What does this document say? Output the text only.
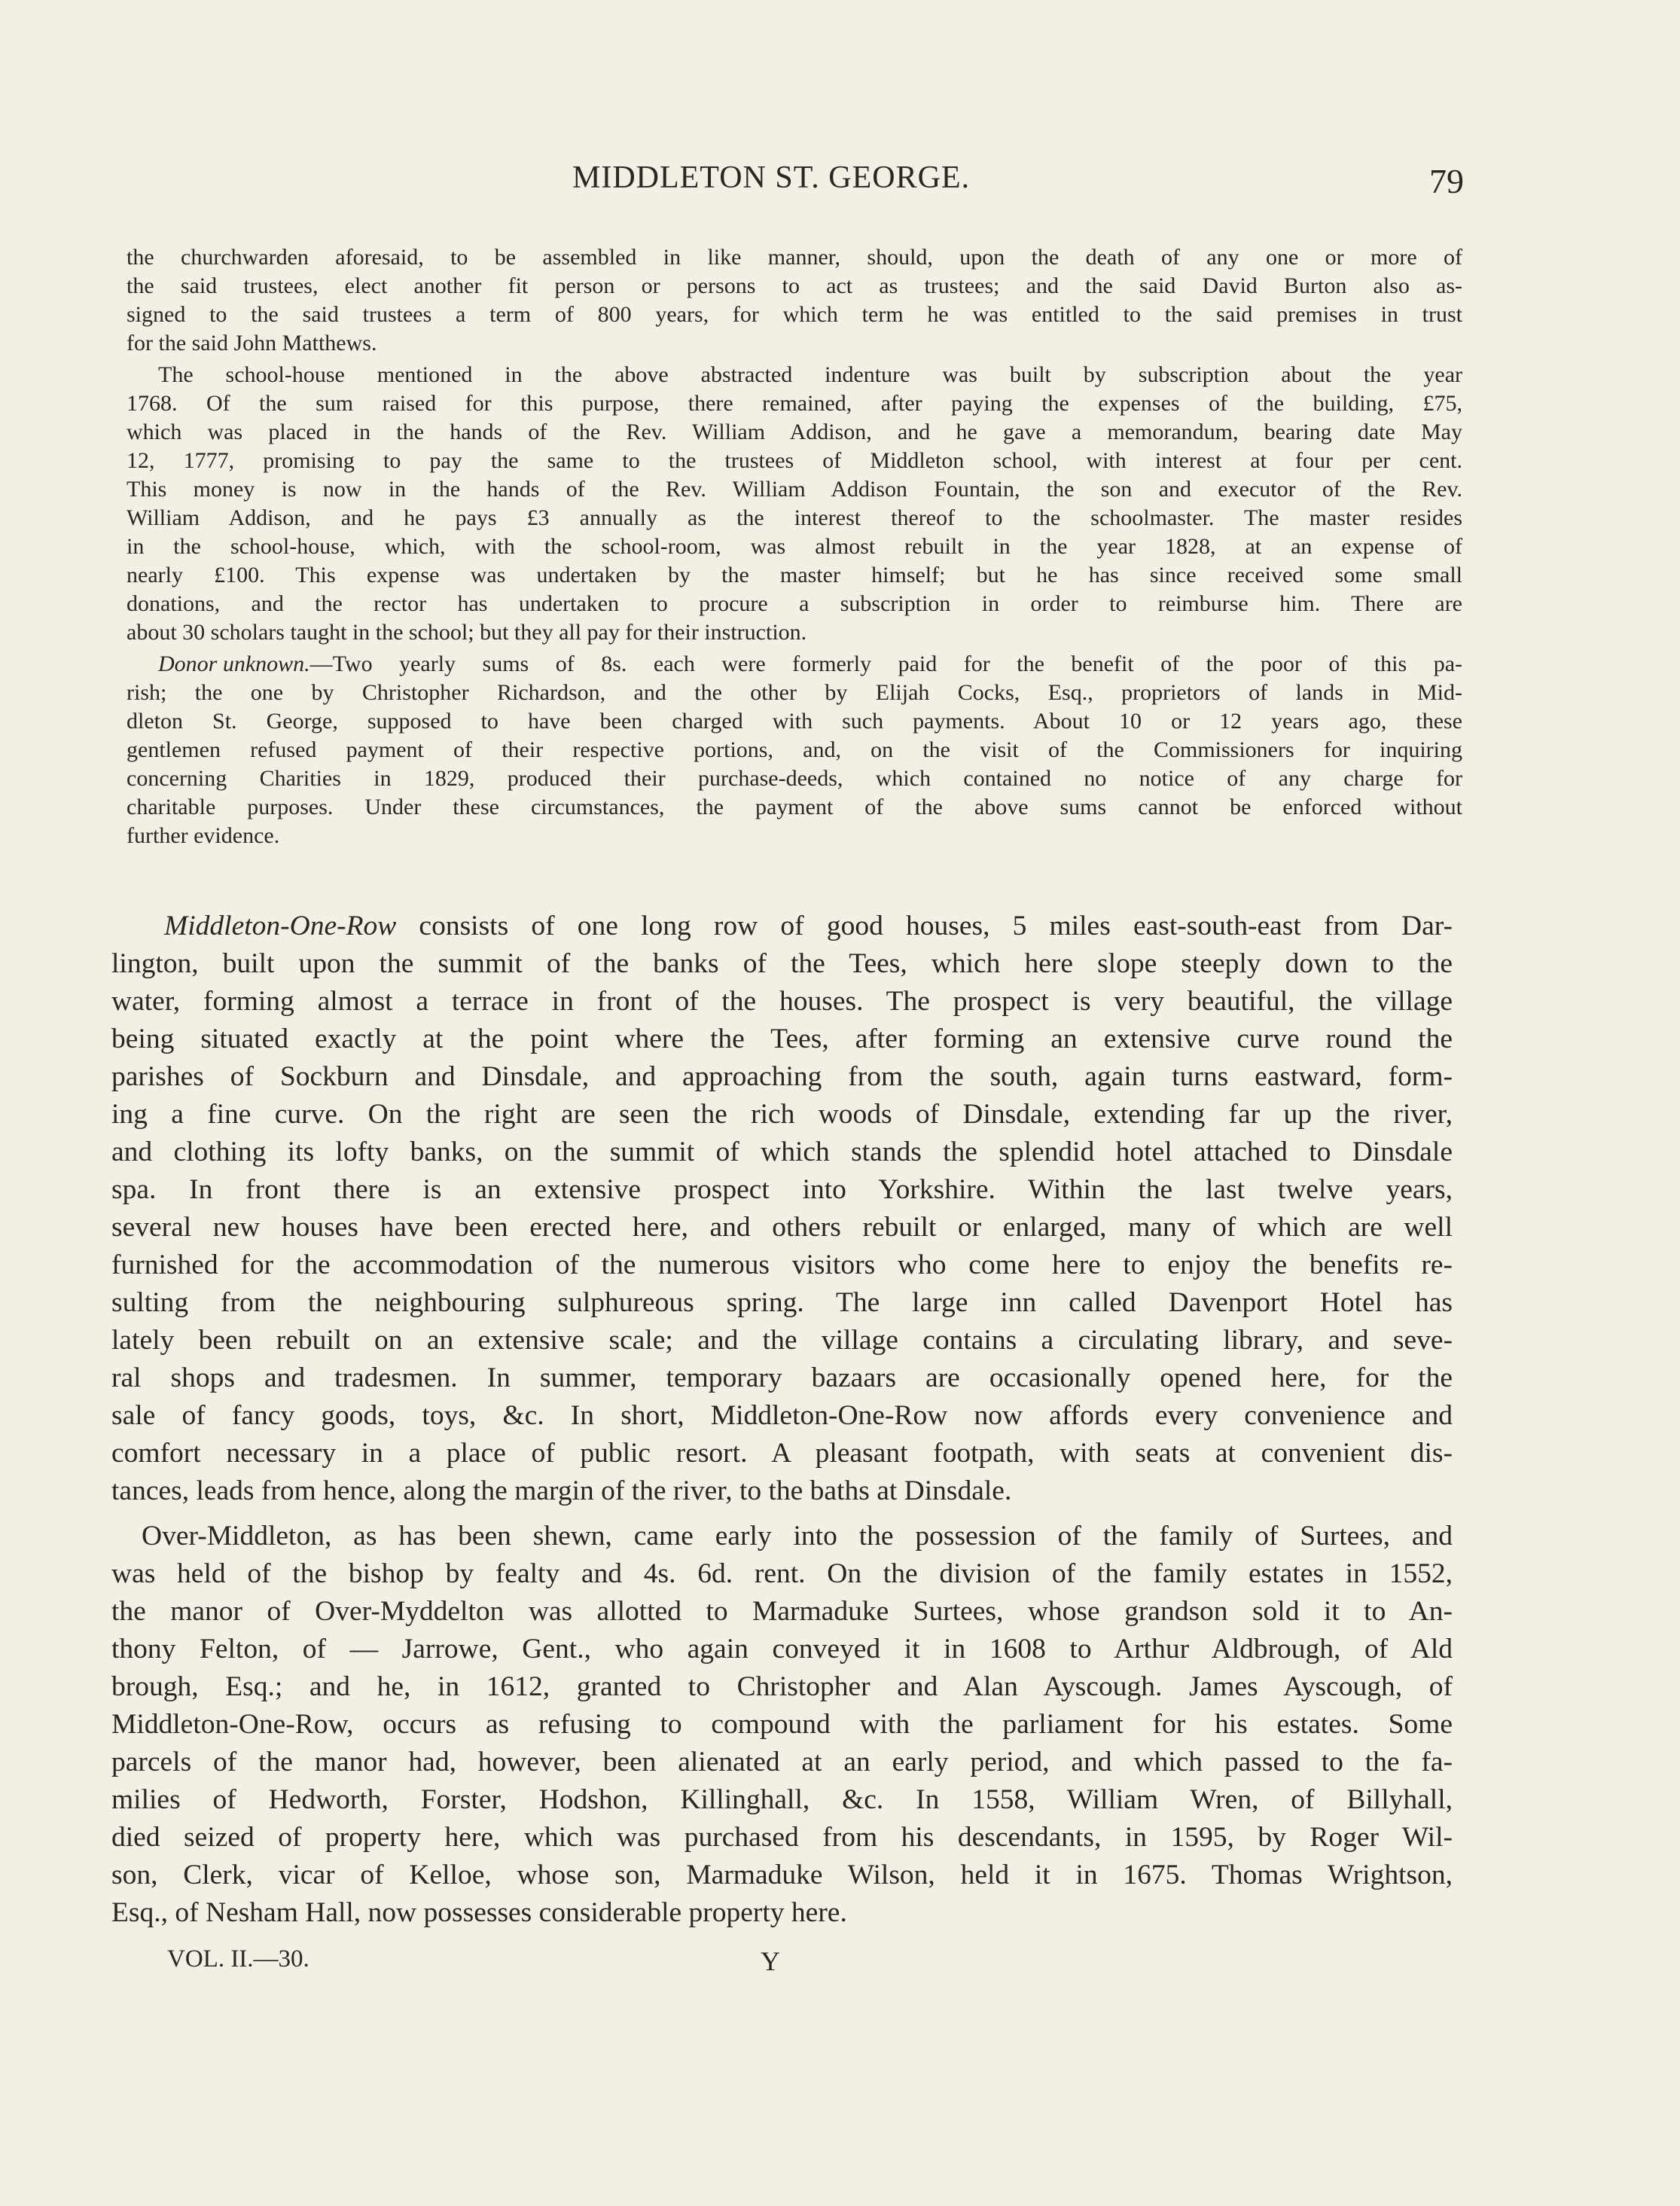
MIDDLETON ST. GEORGE.	79

the churchwarden aforesaid, to be assembled in like manner, should, upon the death of any one or more of

the said trustees, elect another fit person or persons to act as trustees; and the said David Burton also as-

signed to the said trustees a term of 800 years, for which term he was entitled to the said premises in trust

for the said John Matthews.

The school-house mentioned in the above abstracted indenture was built by subscription about the year

1768. Of the sum raised for this purpose, there remained, after paying the expenses of the building, £75,

which was placed in the hands of the Rev. William Addison, and he gave a memorandum, bearing date May

12, 1777, promising to pay the same to the trustees of Middleton school, with interest at four per cent.

This money is now in the hands of the Rev. William Addison Fountain, the son and executor of the Rev.

William Addison, and he pays £3 annually as the interest thereof to the schoolmaster. The master resides

in the school-house, which, with the school-room, was almost rebuilt in the year 1828, at an expense of

nearly £100. This expense was undertaken by the master himself; but he has since received some small

donations, and the rector has undertaken to procure a subscription in order to reimburse him. There are

about 30 scholars taught in the school; but they all pay for their instruction.

Donor unknown. —Two yearly sums of 8s. each were formerly paid for the benefit of the poor of this pa-

rish; the one by Christopher Richardson, and the other by Elijah Cocks, Esq., proprietors of lands in Mid-

dleton St. George, supposed to have been charged with such payments. About 10 or 12 years ago, these

gentlemen refused payment of their respective portions, and, on the visit of the Commissioners for inquiring

concerning Charities in 1829, produced their purchase-deeds, which contained no notice of any charge for

charitable purposes. Under these circumstances, the payment of the above sums cannot be enforced without

further evidence.

Middleton-One-Row consists of one long row of good houses, 5 miles east-south-east from Dar-

lington, built upon the summit of the banks of the Tees, which here slope steeply down to the

water, forming almost a terrace in front of the houses. The prospect is very beautiful, the village

being situated exactly at the point where the Tees, after forming an extensive curve round the

parishes of Sockburn and Dinsdale, and approaching from the south, again turns eastward, form-

ing a fine curve. On the right are seen the rich woods of Dinsdale, extending far up the river,

and clothing its lofty banks, on the summit of which stands the splendid hotel attached to Dinsdale

spa. In front there is an extensive prospect into Yorkshire. Within the last twelve years,

several new houses have been erected here, and others rebuilt or enlarged, many of which are well

furnished for the accommodation of the numerous visitors who come here to enjoy the benefits re-

sulting from the neighbouring sulphureous spring. The large inn called Davenport Hotel has

lately been rebuilt on an extensive scale; and the village contains a circulating library, and seve-

ral shops and tradesmen. In summer, temporary bazaars are occasionally opened here, for the

sale of fancy goods, toys, &c. In short, Middleton-One-Row now affords every convenience and

comfort necessary in a place of public resort. A pleasant footpath, with seats at convenient dis-

tances, leads from hence, along the margin of the river, to the baths at Dinsdale.

Over-Middleton, as has been shewn, came early into the possession of the family of Surtees, and

was held of the bishop by fealty and 4s. 6d. rent. On the division of the family estates in 1552,

the manor of Over-Myddelton was allotted to Marmaduke Surtees, whose grandson sold it to An-

thony Felton, of — Jarrowe, Gent., who again conveyed it in 1608 to Arthur Aldbrough, of Ald

brough, Esq.; and he, in 1612, granted to Christopher and Alan Ayscough. James Ayscough, of

Middleton-One-Row, occurs as refusing to compound with the parliament for his estates. Some

parcels of the manor had, however, been alienated at an early period, and which passed to the fa-

milies of Hedworth, Forster, Hodshon, Killinghall, &c. In 1558, William Wren, of Billyhall,

died seized of property here, which was purchased from his descendants, in 1595, by Roger Wil-

son, Clerk, vicar of Kelloe, whose son, Marmaduke Wilson, held it in 1675. Thomas Wrightson,

Esq., of Nesham Hall, now possesses considerable property here.

VOL. II.—30.	Y
